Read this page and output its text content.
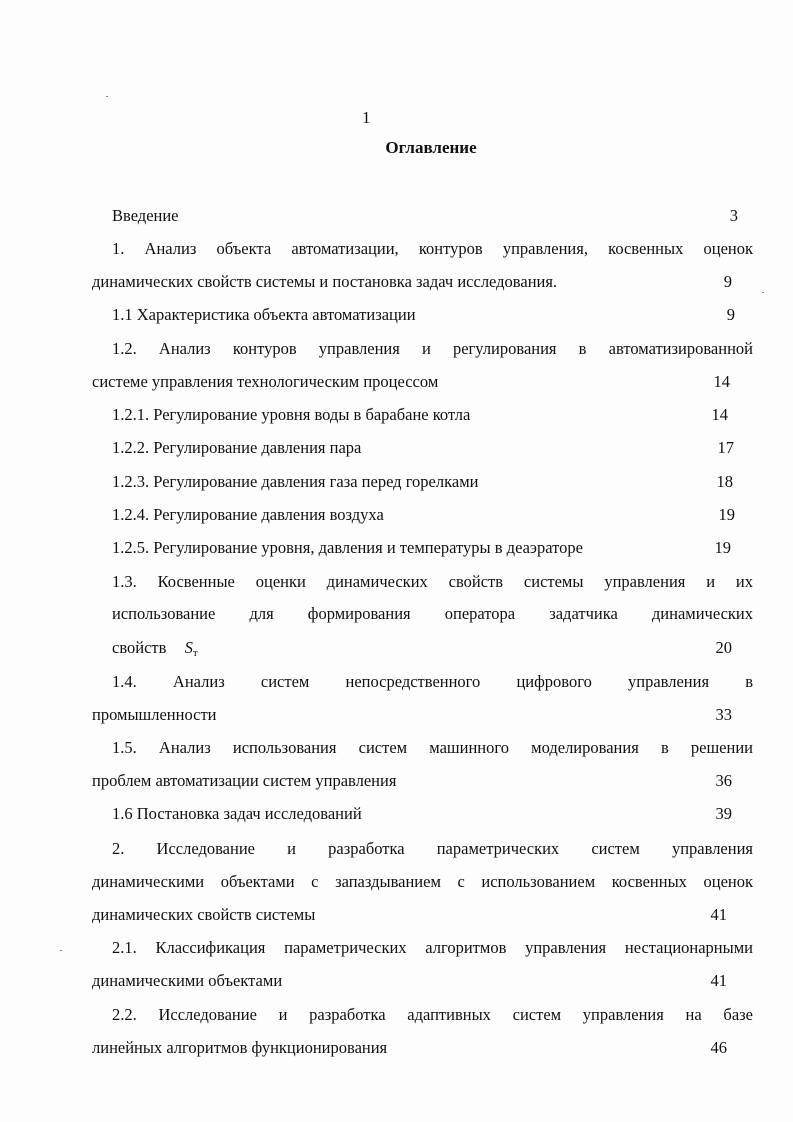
1
Оглавление
Введение	3
1. Анализ объекта автоматизации, контуров управления, косвенных оценок
динамических свойств системы и постановка задач исследования.	9
1.1 Характеристика объекта автоматизации	9
1.2. Анализ контуров управления и регулирования в автоматизированной
системе управления технологическим процессом	14
1.2.1. Регулирование уровня воды в барабане котла	14
1.2.2. Регулирование давления пара	17
1.2.3. Регулирование давления газа перед горелками	18
1.2.4. Регулирование давления воздуха	19
1.2.5. Регулирование уровня, давления и температуры в деаэраторе	19
1.3. Косвенные оценки динамических свойств системы управления и их
использование для формирования оператора задатчика динамических
свойств Sт	20
1.4. Анализ систем непосредственного цифрового управления в
промышленности	33
1.5. Анализ использования систем машинного моделирования в решении
проблем автоматизации систем управления	36
1.6 Постановка задач исследований	39
2. Исследование и разработка параметрических систем управления
динамическими объектами с запаздыванием с использованием косвенных оценок
динамических свойств системы	41
2.1. Классификация параметрических алгоритмов управления нестационарными
динамическими объектами	41
2.2. Исследование и разработка адаптивных систем управления на базе
линейных алгоритмов функционирования	46
